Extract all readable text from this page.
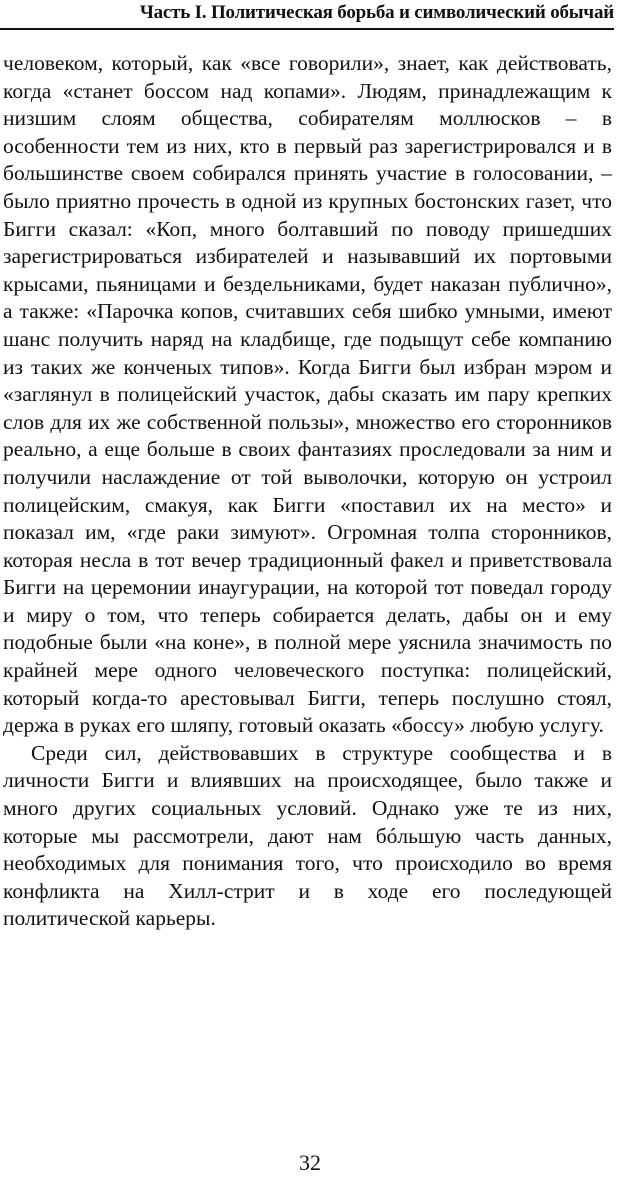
Часть I. Политическая борьба и символический обычай

человеком, который, как «все говорили», знает, как действовать, когда «станет боссом над копами». Людям, принадлежащим к низшим слоям общества, собирателям моллюсков – в особенности тем из них, кто в первый раз зарегистрировался и в большинстве своем собирался принять участие в голосовании, – было приятно прочесть в одной из крупных бостонских газет, что Бигги сказал: «Коп, много болтавший по поводу пришедших зарегистрироваться избирателей и называвший их портовыми крысами, пьяницами и бездельниками, будет наказан публично», а также: «Парочка копов, считавших себя шибко умными, имеют шанс получить наряд на кладбище, где подыщут себе компанию из таких же конченых типов». Когда Бигги был избран мэром и «заглянул в полицейский участок, дабы сказать им пару крепких слов для их же собственной пользы», множество его сторонников реально, а еще больше в своих фантазиях проследовали за ним и получили наслаждение от той выволочки, которую он устроил полицейским, смакуя, как Бигги «поставил их на место» и показал им, «где раки зимуют». Огромная толпа сторонников, которая несла в тот вечер традиционный факел и приветствовала Бигги на церемонии инаугурации, на которой тот поведал городу и миру о том, что теперь собирается делать, дабы он и ему подобные были «на коне», в полной мере уяснила значимость по крайней мере одного человеческого поступка: полицейский, который когда-то арестовывал Бигги, теперь послушно стоял, держа в руках его шляпу, готовый оказать «боссу» любую услугу.

Среди сил, действовавших в структуре сообщества и в личности Бигги и влиявших на происходящее, было также и много других социальных условий. Однако уже те из них, которые мы рассмотрели, дают нам бóльшую часть данных, необходимых для понимания того, что происходило во время конфликта на Хилл-стрит и в ходе его последующей политической карьеры.

32
